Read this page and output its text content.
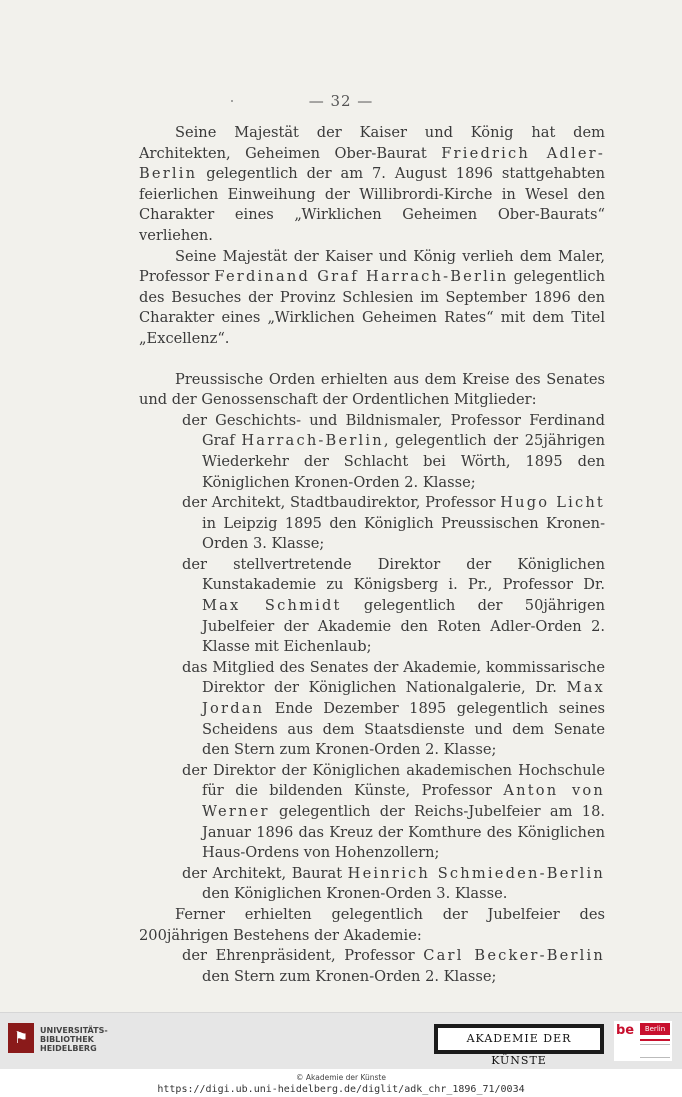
— 32 —

Seine Majestät der Kaiser und König hat dem Architekten, Geheimen Ober-Baurat Friedrich Adler-Berlin gelegentlich der am 7. August 1896 stattgehabten feierlichen Einweihung der Willibrordi-Kirche in Wesel den Charakter eines „Wirklichen Geheimen Ober-Baurats“ verliehen.

Seine Majestät der Kaiser und König verlieh dem Maler, Professor Ferdinand Graf Harrach-Berlin gelegentlich des Besuches der Provinz Schlesien im September 1896 den Charakter eines „Wirklichen Geheimen Rates“ mit dem Titel „Excellenz“.

Preussische Orden erhielten aus dem Kreise des Senates und der Genossenschaft der Ordentlichen Mitglieder:

der Geschichts- und Bildnismaler, Professor Ferdinand Graf Harrach-Berlin, gelegentlich der 25jährigen Wiederkehr der Schlacht bei Wörth, 1895 den Königlichen Kronen-Orden 2. Klasse;

der Architekt, Stadtbaudirektor, Professor Hugo Licht in Leipzig 1895 den Königlich Preussischen Kronen-Orden 3. Klasse;

der stellvertretende Direktor der Königlichen Kunstakademie zu Königsberg i. Pr., Professor Dr. Max Schmidt gelegentlich der 50jährigen Jubelfeier der Akademie den Roten Adler-Orden 2. Klasse mit Eichenlaub;

das Mitglied des Senates der Akademie, kommissarische Direktor der Königlichen Nationalgalerie, Dr. Max Jordan Ende Dezember 1895 gelegentlich seines Scheidens aus dem Staatsdienste und dem Senate den Stern zum Kronen-Orden 2. Klasse;

der Direktor der Königlichen akademischen Hochschule für die bildenden Künste, Professor Anton von Werner gelegentlich der Reichs-Jubelfeier am 18. Januar 1896 das Kreuz der Komthure des Königlichen Haus-Ordens von Hohenzollern;

der Architekt, Baurat Heinrich Schmieden-Berlin den Königlichen Kronen-Orden 3. Klasse.

Ferner erhielten gelegentlich der Jubelfeier des 200jährigen Bestehens der Akademie:

der Ehrenpräsident, Professor Carl Becker-Berlin den Stern zum Kronen-Orden 2. Klasse;

⚑	UNIVERSITÄTS-
BIBLIOTHEK
HEIDELBERG
AKADEMIE DER KÜNSTE
be	Berlin
© Akademie der Künste
https://digi.ub.uni-heidelberg.de/diglit/adk_chr_1896_71/0034
